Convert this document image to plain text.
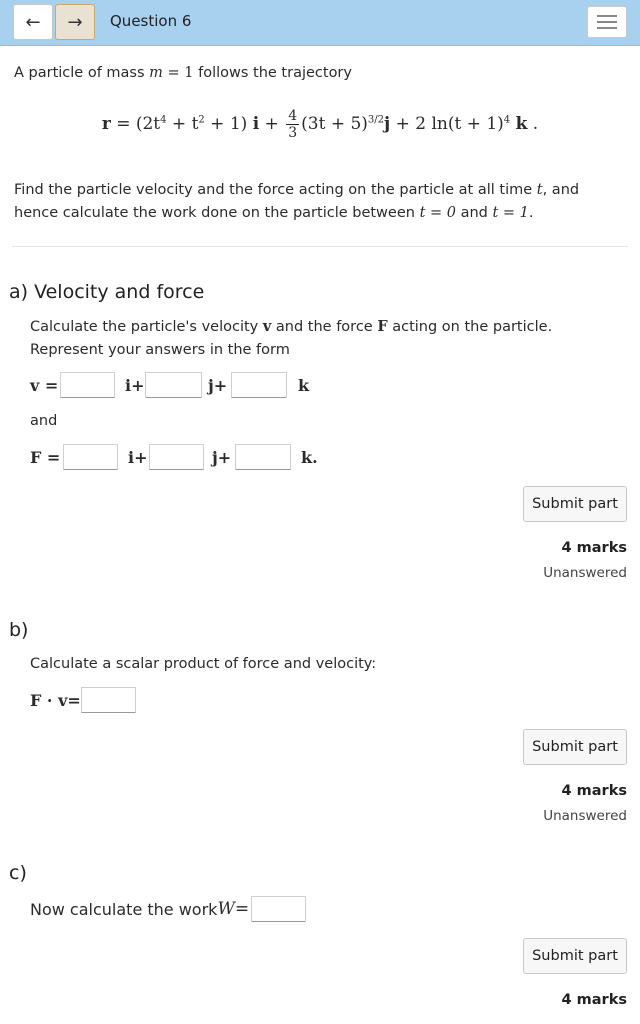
← → Question 6
A particle of mass m = 1 follows the trajectory
$r = (2t^4 + t^2 + 1) i + \frac{4}{3} (3t + 5)^{3/2}j + 2$ $\ln(t + 1)^4$ k .
Find the particle velocity and the force acting on the particle at all time t, and hence calculate the work done on the particle between t = 0 and t = 1.
a) Velocity and force
Calculate the particle's velocity v and the force F acting on the particle. Represent your answers in the form
v =	i+	j+	k
and
F =	i+	j+	k.
Submit part
4 marks
Unanswered
b)
Calculate a scalar product of force and velocity:
F · v=
Submit part
4 marks
Unanswered
c)
Now calculate the work W =
Submit part
4 marks
